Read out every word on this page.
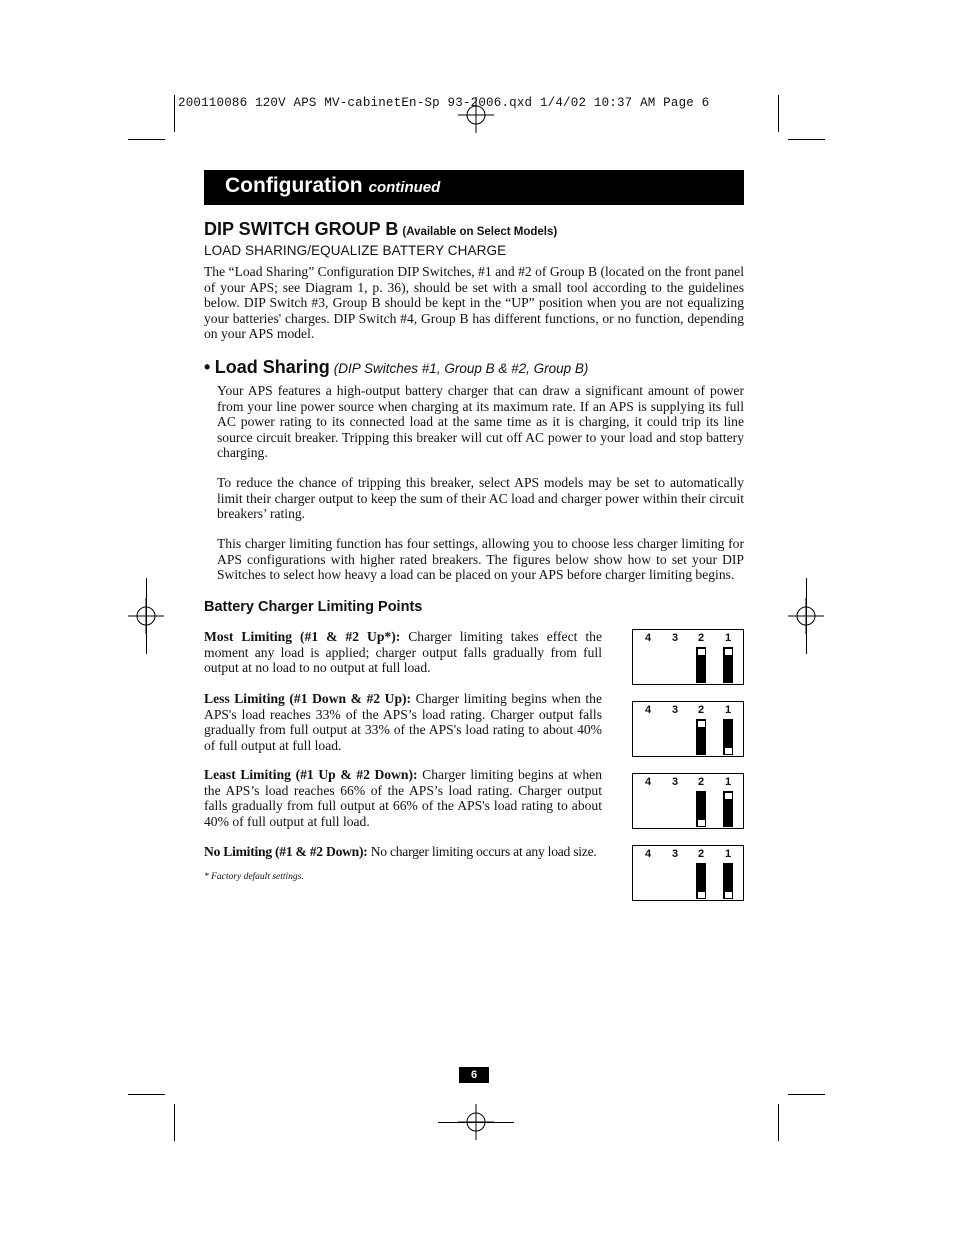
200110086 120V APS MV-cabinetEn-Sp 93-2006.qxd 1/4/02 10:37 AM Page 6
Configuration continued
DIP SWITCH GROUP B (Available on Select Models)
LOAD SHARING/EQUALIZE BATTERY CHARGE
The “Load Sharing” Configuration DIP Switches, #1 and #2 of Group B (located on the front panel of your APS; see Diagram 1, p. 36), should be set with a small tool according to the guidelines below. DIP Switch #3, Group B should be kept in the “UP” position when you are not equalizing your batteries' charges. DIP Switch #4, Group B has different functions, or no function, depending on your APS model.
• Load Sharing (DIP Switches #1, Group B & #2, Group B)
Your APS features a high-output battery charger that can draw a significant amount of power from your line power source when charging at its maximum rate. If an APS is supplying its full AC power rating to its connected load at the same time as it is charging, it could trip its line source circuit breaker. Tripping this breaker will cut off AC power to your load and stop battery charging.
To reduce the chance of tripping this breaker, select APS models may be set to automatically limit their charger output to keep the sum of their AC load and charger power within their circuit breakers’ rating.
This charger limiting function has four settings, allowing you to choose less charger limiting for APS configurations with higher rated breakers. The figures below show how to set your DIP Switches to select how heavy a load can be placed on your APS before charger limiting begins.
Battery Charger Limiting Points
Most Limiting (#1 & #2 Up*): Charger limiting takes effect the moment any load is applied; charger output falls gradually from full output at no load to no output at full load.
Less Limiting (#1 Down & #2 Up): Charger limiting begins when the APS's load reaches 33% of the APS’s load rating. Charger output falls gradually from full output at 33% of the APS's load rating to about 40% of full output at full load.
Least Limiting (#1 Up & #2 Down): Charger limiting begins at when the APS’s load reaches 66% of the APS’s load rating. Charger output falls gradually from full output at 66% of the APS's load rating to about 40% of full output at full load.
No Limiting (#1 & #2 Down): No charger limiting occurs at any load size.
* Factory default settings.
4 3 2 1
4 3 2 1
4 3 2 1
4 3 2 1
6
